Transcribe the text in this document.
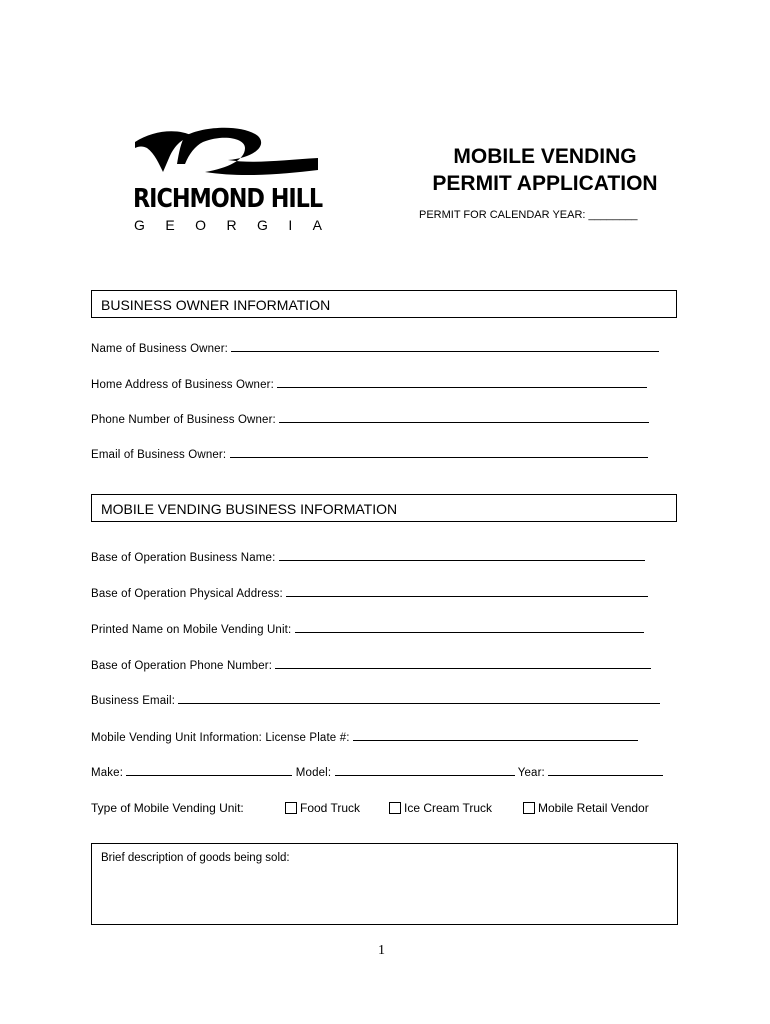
RICHMOND HILL
G E O R G I A
MOBILE VENDING
PERMIT APPLICATION
PERMIT FOR CALENDAR YEAR: ________
BUSINESS OWNER INFORMATION
Name of Business Owner:
Home Address of Business Owner:
Phone Number of Business Owner:
Email of Business Owner:
MOBILE VENDING BUSINESS INFORMATION
Base of Operation Business Name:
Base of Operation Physical Address:
Printed Name on Mobile Vending Unit:
Base of Operation Phone Number:
Business Email:
Mobile Vending Unit Information: License Plate #:
Make:	Model:	Year:
Type of Mobile Vending Unit:	Food Truck	Ice Cream Truck	Mobile Retail Vendor
Brief description of goods being sold:
1
